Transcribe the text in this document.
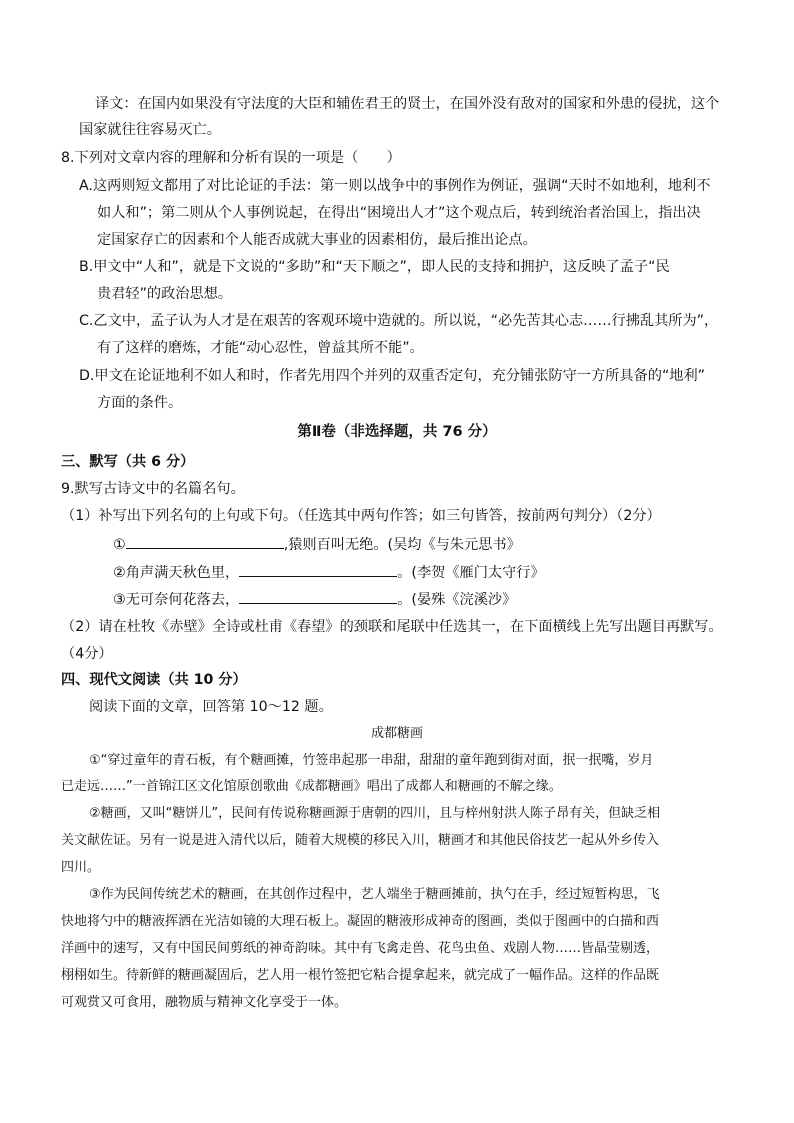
译文：在国内如果没有守法度的大臣和辅佐君王的贤士，在国外没有敌对的国家和外患的侵扰，这个
国家就往往容易灭亡。
8.下列对文章内容的理解和分析有误的一项是（　　）
A.这两则短文都用了对比论证的手法：第一则以战争中的事例作为例证，强调“天时不如地利，地利不
如人和”；第二则从个人事例说起，在得出“困境出人才”这个观点后，转到统治者治国上，指出决
定国家存亡的因素和个人能否成就大事业的因素相仿，最后推出论点。
B.甲文中“人和”，就是下文说的“多助”和“天下顺之”，即人民的支持和拥护，这反映了孟子“民
贵君轻”的政治思想。
C.乙文中，孟子认为人才是在艰苦的客观环境中造就的。所以说，“必先苦其心志……行拂乱其所为”，
有了这样的磨炼，才能“动心忍性，曾益其所不能”。
D.甲文在论证地利不如人和时，作者先用四个并列的双重否定句，充分铺张防守一方所具备的“地利”
方面的条件。
第Ⅱ卷（非选择题，共 76 分）
三、默写（共 6 分）
9.默写古诗文中的名篇名句。
（1）补写出下列名句的上句或下句。（任选其中两句作答；如三句皆答，按前两句判分）（2分）
①	,猿则百叫无绝。(吴均《与朱元思书》
②角声满天秋色里，	。(李贺《雁门太守行》
③无可奈何花落去，	。(晏殊《浣溪沙》
（2）请在杜牧《赤壁》全诗或杜甫《春望》的颈联和尾联中任选其一，在下面横线上先写出题目再默写。
（4分）
四、现代文阅读（共 10 分）
阅读下面的文章，回答第 10～12 题。
成都糖画
①“穿过童年的青石板，有个糖画摊，竹签串起那一串甜，甜甜的童年跑到街对面，抿一抿嘴，岁月
已走远……”一首锦江区文化馆原创歌曲《成都糖画》唱出了成都人和糖画的不解之缘。
②糖画，又叫“糖饼儿”，民间有传说称糖画源于唐朝的四川，且与梓州射洪人陈子昂有关，但缺乏相
关文献佐证。另有一说是进入清代以后，随着大规模的移民入川，糖画才和其他民俗技艺一起从外乡传入
四川。
③作为民间传统艺术的糖画，在其创作过程中，艺人端坐于糖画摊前，执勺在手，经过短暂构思，飞
快地将勺中的糖液挥洒在光洁如镜的大理石板上。凝固的糖液形成神奇的图画，类似于图画中的白描和西
洋画中的速写，又有中国民间剪纸的神奇韵味。其中有飞禽走兽、花鸟虫鱼、戏剧人物……皆晶莹剔透，
栩栩如生。待新鲜的糖画凝固后，艺人用一根竹签把它粘合提拿起来，就完成了一幅作品。这样的作品既
可观赏又可食用，融物质与精神文化享受于一体。
